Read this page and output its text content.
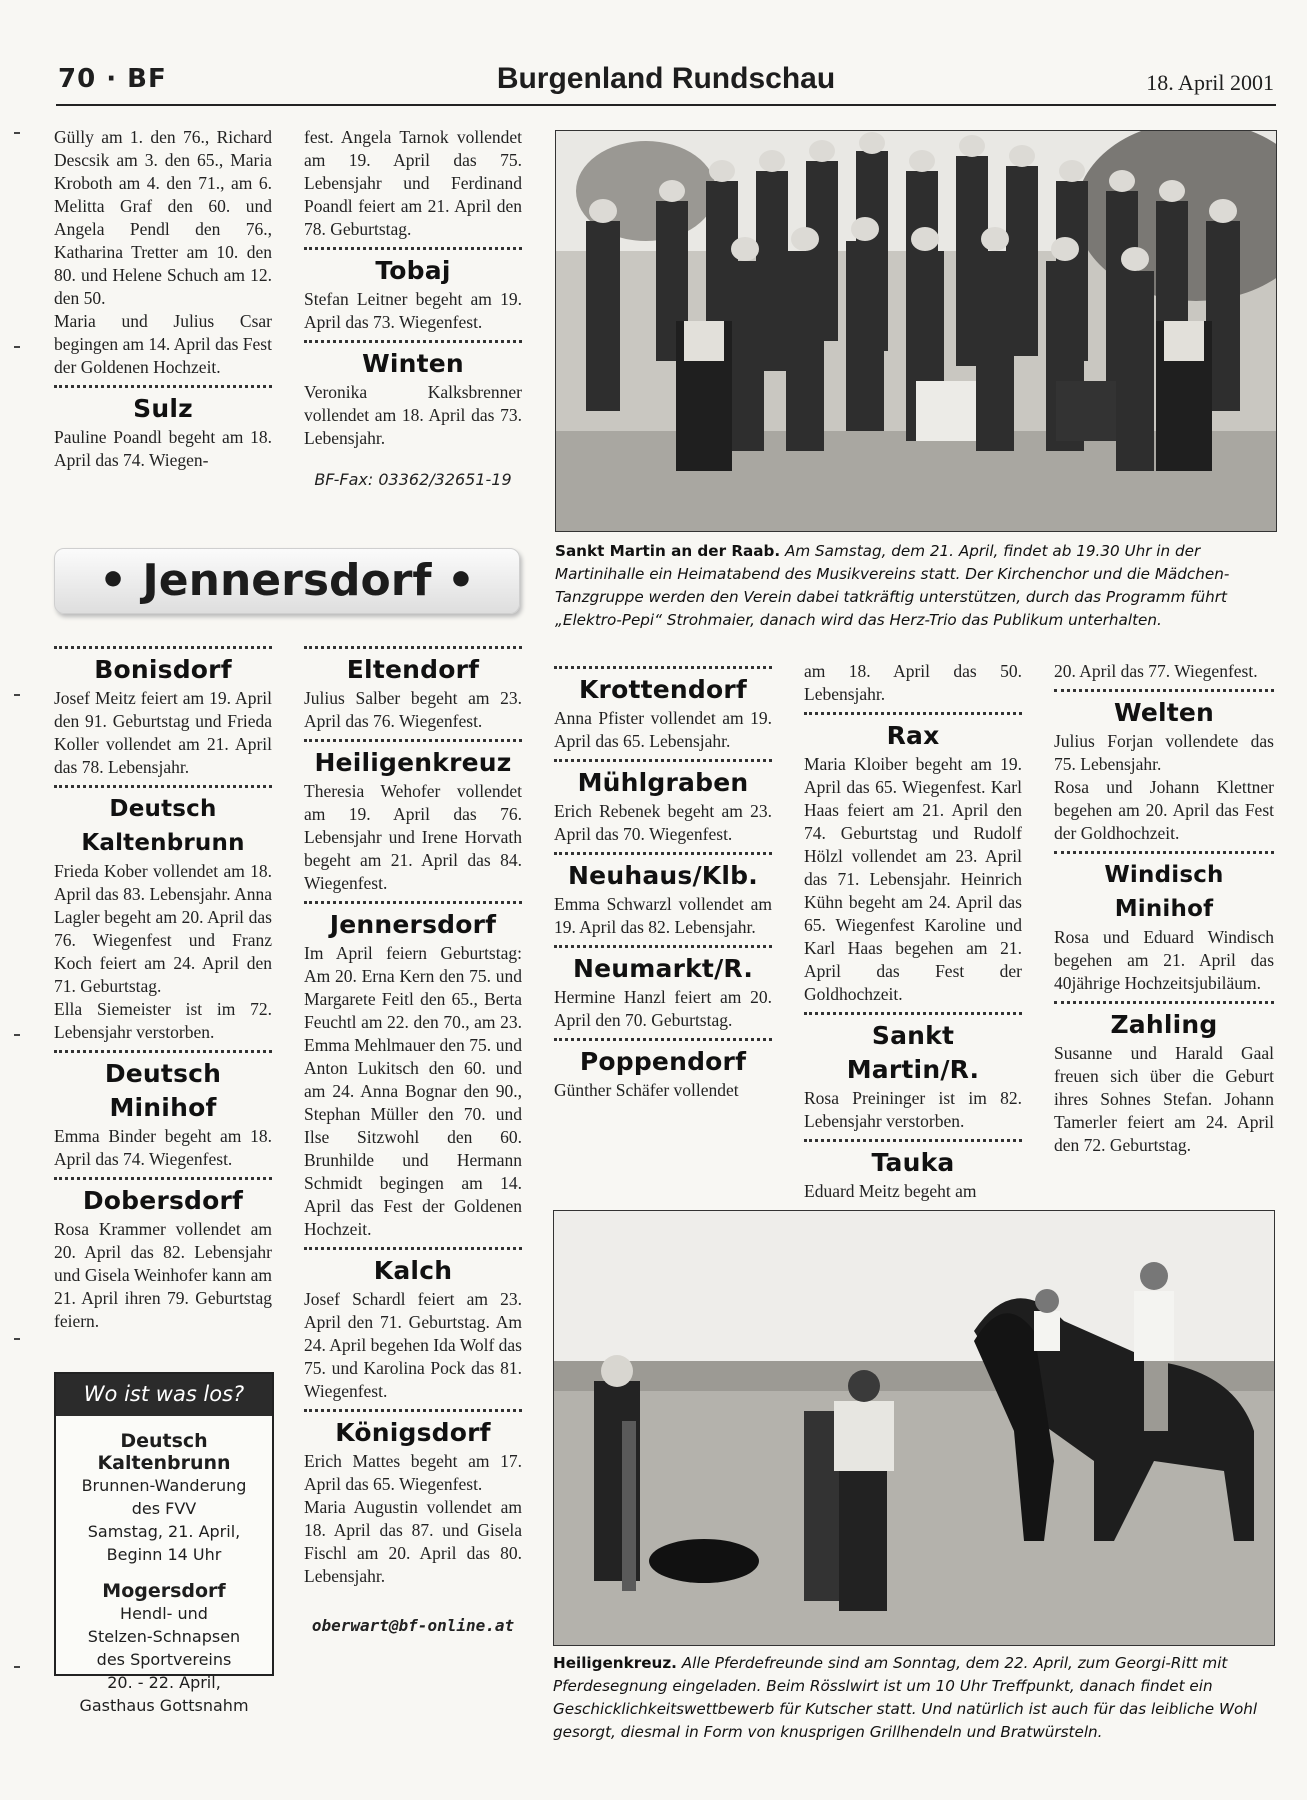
70 · BF	Burgenland Rundschau	18. April 2001

Güllу am 1. den 76., Richard Descsik am 3. den 65., Maria Kroboth am 4. den 71., am 6. Melitta Graf den 60. und Angela Pendl den 76., Katharina Tretter am 10. den 80. und Helene Schuch am 12. den 50.

Maria und Julius Csar begingen am 14. April das Fest der Goldenen Hochzeit.

Sulz

Pauline Poandl begeht am 18. April das 74. Wiegen-

fest. Angela Tarnok vollendet am 19. April das 75. Lebensjahr und Ferdinand Poandl feiert am 21. April den 78. Geburtstag.

Tobaj

Stefan Leitner begeht am 19. April das 73. Wiegenfest.

Winten

Veronika Kalksbrenner vollendet am 18. April das 73. Lebensjahr.

BF-Fax: 03362/32651-19
Sankt Martin an der Raab. Am Samstag, dem 21. April, findet ab 19.30 Uhr in der Martinihalle ein Heimatabend des Musikvereins statt. Der Kirchenchor und die Mädchen-Tanzgruppe werden den Verein dabei tatkräftig unterstützen, durch das Programm führt „Elektro-Pepi“ Strohmaier, danach wird das Herz-Trio das Publikum unterhalten.
• Jennersdorf •
Bonisdorf

Josef Meitz feiert am 19. April den 91. Geburtstag und Frieda Koller vollendet am 21. April das 78. Lebensjahr.

Deutsch Kaltenbrunn

Frieda Kober vollendet am 18. April das 83. Lebensjahr. Anna Lagler begeht am 20. April das 76. Wiegenfest und Franz Koch feiert am 24. April den 71. Geburtstag.

Ella Siemeister ist im 72. Lebensjahr verstorben.

Deutsch Minihof

Emma Binder begeht am 18. April das 74. Wiegenfest.

Dobersdorf

Rosa Krammer vollendet am 20. April das 82. Lebensjahr und Gisela Weinhofer kann am 21. April ihren 79. Geburtstag feiern.

Wo ist was los?
Deutsch Kaltenbrunn
Brunnen-Wanderung
des FVV
Samstag, 21. April,
Beginn 14 Uhr
Mogersdorf
Hendl- und
Stelzen-Schnapsen
des Sportvereins
20. - 22. April,
Gasthaus Gottsnahm
Eltendorf

Julius Salber begeht am 23. April das 76. Wiegenfest.

Heiligenkreuz

Theresia Wehofer vollendet am 19. April das 76. Lebensjahr und Irene Horvath begeht am 21. April das 84. Wiegenfest.

Jennersdorf

Im April feiern Geburtstag: Am 20. Erna Kern den 75. und Margarete Feitl den 65., Berta Feuchtl am 22. den 70., am 23. Emma Mehlmauer den 75. und Anton Lukitsch den 60. und am 24. Anna Bognar den 90., Stephan Müller den 70. und Ilse Sitzwohl den 60. Brunhilde und Hermann Schmidt begingen am 14. April das Fest der Goldenen Hochzeit.

Kalch

Josef Schardl feiert am 23. April den 71. Geburtstag. Am 24. April begehen Ida Wolf das 75. und Karolina Pock das 81. Wiegenfest.

Königsdorf

Erich Mattes begeht am 17. April das 65. Wiegenfest.

Maria Augustin vollendet am 18. April das 87. und Gisela Fischl am 20. April das 80. Lebensjahr.

oberwart@bf-online.at
Krottendorf

Anna Pfister vollendet am 19. April das 65. Lebensjahr.

Mühlgraben

Erich Rebenek begeht am 23. April das 70. Wiegenfest.

Neuhaus/Klb.

Emma Schwarzl vollendet am 19. April das 82. Lebensjahr.

Neumarkt/R.

Hermine Hanzl feiert am 20. April den 70. Geburtstag.

Poppendorf

Günther Schäfer vollendet

am 18. April das 50. Lebensjahr.

Rax

Maria Kloiber begeht am 19. April das 65. Wiegenfest. Karl Haas feiert am 21. April den 74. Geburtstag und Rudolf Hölzl vollendet am 23. April das 71. Lebensjahr. Heinrich Kühn begeht am 24. April das 65. Wiegenfest Karoline und Karl Haas begehen am 21. April das Fest der Goldhochzeit.

Sankt Martin/R.

Rosa Preininger ist im 82. Lebensjahr verstorben.

Tauka

Eduard Meitz begeht am

20. April das 77. Wiegenfest.

Welten

Julius Forjan vollendete das 75. Lebensjahr.

Rosa und Johann Klettner begehen am 20. April das Fest der Goldhochzeit.

Windisch Minihof

Rosa und Eduard Windisch begehen am 21. April das 40jährige Hochzeitsjubiläum.

Zahling

Susanne und Harald Gaal freuen sich über die Geburt ihres Sohnes Stefan. Johann Tamerler feiert am 24. April den 72. Geburtstag.

Heiligenkreuz. Alle Pferdefreunde sind am Sonntag, dem 22. April, zum Georgi-Ritt mit Pferdesegnung eingeladen. Beim Rösslwirt ist um 10 Uhr Treffpunkt, danach findet ein Geschicklichkeitswettbewerb für Kutscher statt. Und natürlich ist auch für das leibliche Wohl gesorgt, diesmal in Form von knusprigen Grillhendeln und Bratwürsteln.
